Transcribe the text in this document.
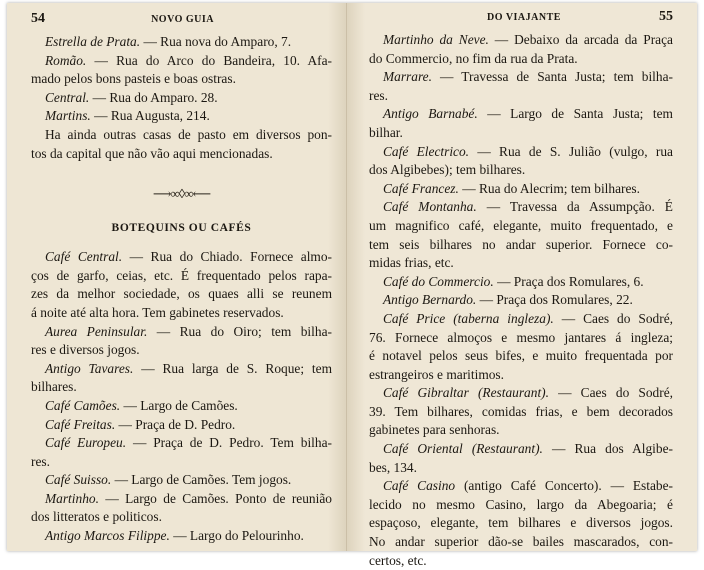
54	NOVO GUIA
Estrella de Prata. — Rua nova do Amparo, 7.
Romão. — Rua do Arco do Bandeira, 10. Afa-
mado pelos bons pasteis e boas ostras.
Central. — Rua do Amparo. 28.
Martins. — Rua Augusta, 214.
Ha ainda outras casas de pasto em diversos pon-
tos da capital que não vão aqui mencionadas.
⟶∞◊∞⟵
BOTEQUINS OU CAFÉS
Café Central. — Rua do Chiado. Fornece almo-
ços de garfo, ceias, etc. É frequentado pelos rapa-
zes da melhor sociedade, os quaes alli se reunem
á noite até alta hora. Tem gabinetes reservados.
Aurea Peninsular. — Rua do Oiro; tem bilha-
res e diversos jogos.
Antigo Tavares. — Rua larga de S. Roque; tem
bilhares.
Café Camões. — Largo de Camões.
Café Freitas. — Praça de D. Pedro.
Café Europeu. — Praça de D. Pedro. Tem bilha-
res.
Café Suisso. — Largo de Camões. Tem jogos.
Martinho. — Largo de Camões. Ponto de reunião
dos litteratos e politicos.
Antigo Marcos Filippe. — Largo do Pelourinho.
DO VIAJANTE	55
Martinho da Neve. — Debaixo da arcada da Praça
do Commercio, no fim da rua da Prata.
Marrare. — Travessa de Santa Justa; tem bilha-
res.
Antigo Barnabé. — Largo de Santa Justa; tem
bilhar.
Café Electrico. — Rua de S. Julião (vulgo, rua
dos Algibebes); tem bilhares.
Café Francez. — Rua do Alecrim; tem bilhares.
Café Montanha. — Travessa da Assumpção. É
um magnifico café, elegante, muito frequentado, e
tem seis bilhares no andar superior. Fornece co-
midas frias, etc.
Café do Commercio. — Praça dos Romulares, 6.
Antigo Bernardo. — Praça dos Romulares, 22.
Café Price (taberna ingleza). — Caes do Sodré,
76. Fornece almoços e mesmo jantares á ingleza;
é notavel pelos seus bifes, e muito frequentada por
estrangeiros e maritimos.
Café Gibraltar (Restaurant). — Caes do Sodré,
39. Tem bilhares, comidas frias, e bem decorados
gabinetes para senhoras.
Café Oriental (Restaurant). — Rua dos Algibe-
bes, 134.
Café Casino (antigo Café Concerto). — Estabe-
lecido no mesmo Casino, largo da Abegoaria; é
espaçoso, elegante, tem bilhares e diversos jogos.
No andar superior dão-se bailes mascarados, con-
certos, etc.
